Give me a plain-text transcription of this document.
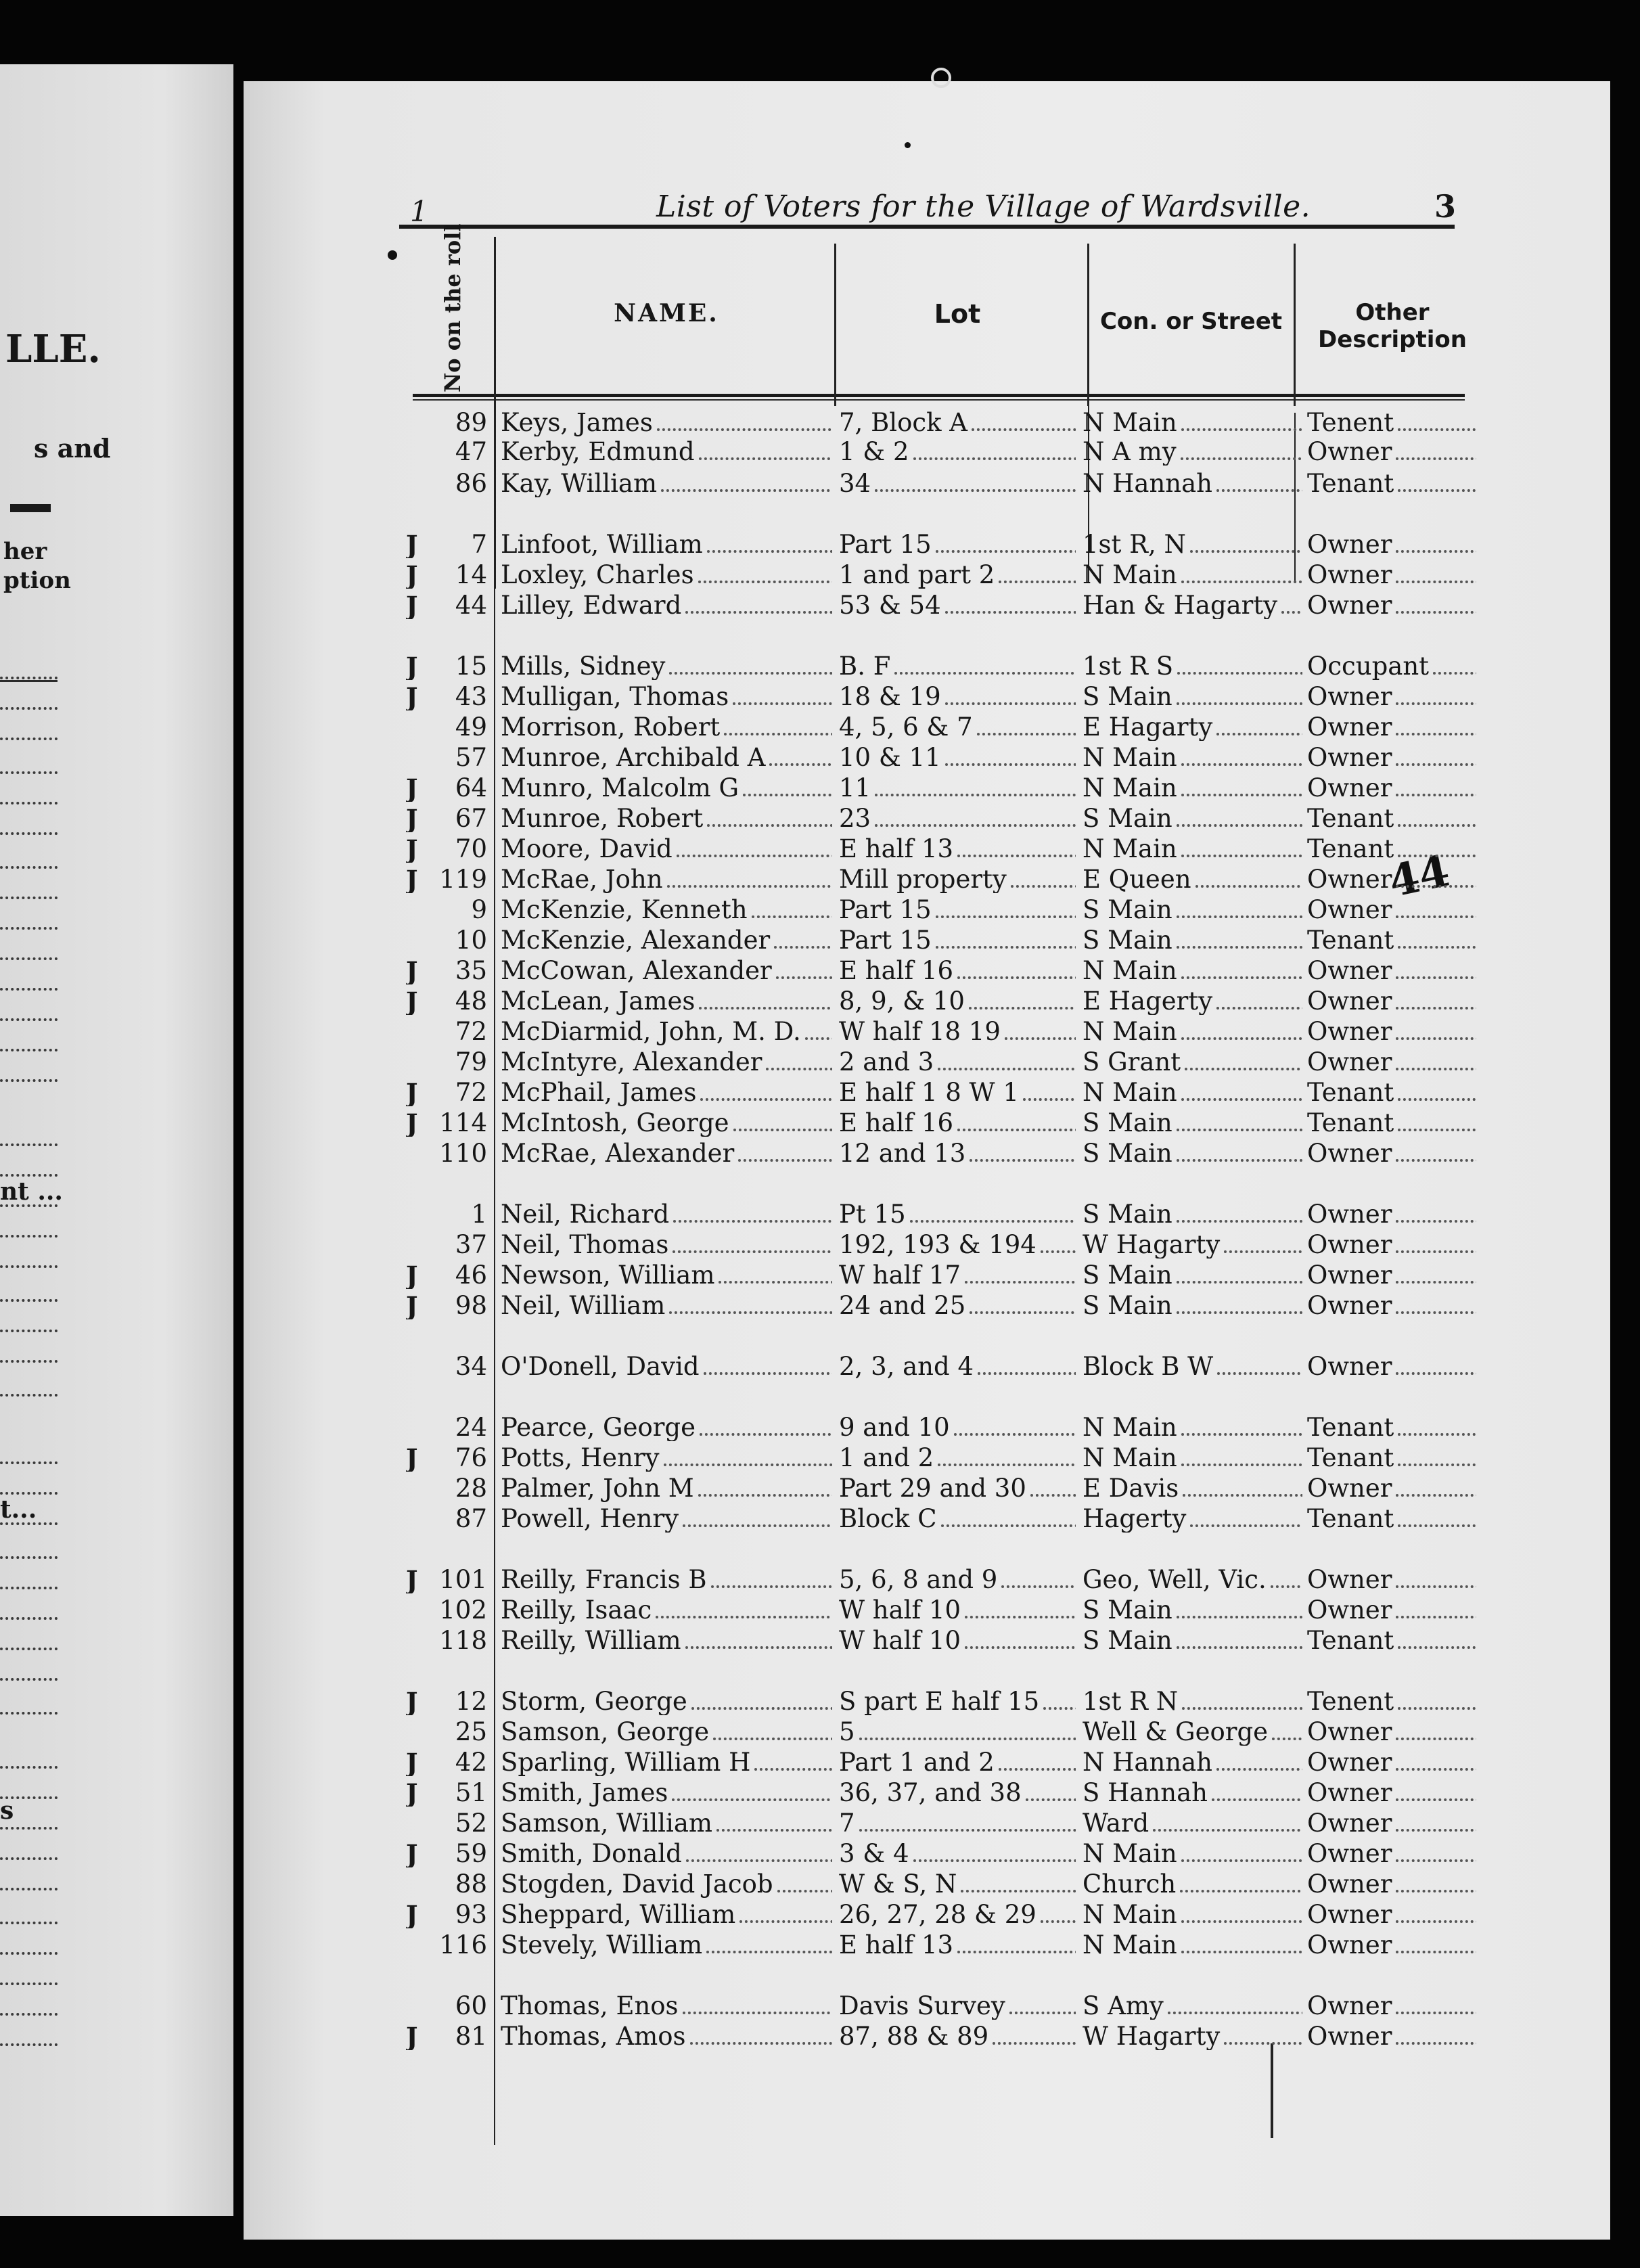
LLE.
s and
her
ption
nt ...
t...
s
List of Voters for the Village of Wardsville.	3
1
No on the roll	NAME.	Lot	Con. or Street	Other
Description
44
89 Keys, James	7, Block A	N Main	Tenent
47 Kerby, Edmund	1 & 2	N A my	Owner
86 Kay, William	34	N Hannah	Tenant
J	7 Linfoot, William	Part 15	1st R, N	Owner
J	14 Loxley, Charles	1 and part 2	N Main	Owner
J	44 Lilley, Edward	53 & 54	Han & Hagarty	Owner
J	15 Mills, Sidney	B. F	1st R S	Occupant
J	43 Mulligan, Thomas	18 & 19	S Main	Owner
49 Morrison, Robert	4, 5, 6 & 7	E Hagarty	Owner
57 Munroe, Archibald A	10 & 11	N Main	Owner
J	64 Munro, Malcolm G	11	N Main	Owner
J	67 Munroe, Robert	23	S Main	Tenant
J	70 Moore, David	E half 13	N Main	Tenant
J 119 McRae, John	Mill property	E Queen	Owner
9 McKenzie, Kenneth	Part 15	S Main	Owner
10 McKenzie, Alexander	Part 15	S Main	Tenant
J	35 McCowan, Alexander	E half 16	N Main	Owner
J	48 McLean, James	8, 9, & 10	E Hagerty	Owner
72 McDiarmid, John, M. D.	W half 18 19	N Main	Owner
79 McIntyre, Alexander	2 and 3	S Grant	Owner
J	72 McPhail, James	E half 1 8 W 1	N Main	Tenant
J 114 McIntosh, George	E half 16	S Main	Tenant
110 McRae, Alexander	12 and 13	S Main	Owner
1 Neil, Richard	Pt 15	S Main	Owner
37 Neil, Thomas	192, 193 & 194	W Hagarty	Owner
J	46 Newson, William	W half 17	S Main	Owner
J	98 Neil, William	24 and 25	S Main	Owner
34 O'Donell, David	2, 3, and 4	Block B W	Owner
24 Pearce, George	9 and 10	N Main	Tenant
J	76 Potts, Henry	1 and 2	N Main	Tenant
28 Palmer, John M	Part 29 and 30	E Davis	Owner
87 Powell, Henry	Block C	Hagerty	Tenant
J 101 Reilly, Francis B	5, 6, 8 and 9	Geo, Well, Vic.	Owner
102 Reilly, Isaac	W half 10	S Main	Owner
118 Reilly, William	W half 10	S Main	Tenant
J	12 Storm, George	S part E half 15	1st R N	Tenent
25 Samson, George	5	Well & George	Owner
J	42 Sparling, William H	Part 1 and 2	N Hannah	Owner
J	51 Smith, James	36, 37, and 38	S Hannah	Owner
52 Samson, William	7	Ward	Owner
J	59 Smith, Donald	3 & 4	N Main	Owner
88 Stogden, David Jacob	W & S, N	Church	Owner
J	93 Sheppard, William	26, 27, 28 & 29	N Main	Owner
116 Stevely, William	E half 13	N Main	Owner
60 Thomas, Enos	Davis Survey	S Amy	Owner
J	81 Thomas, Amos	87, 88 & 89	W Hagarty	Owner
